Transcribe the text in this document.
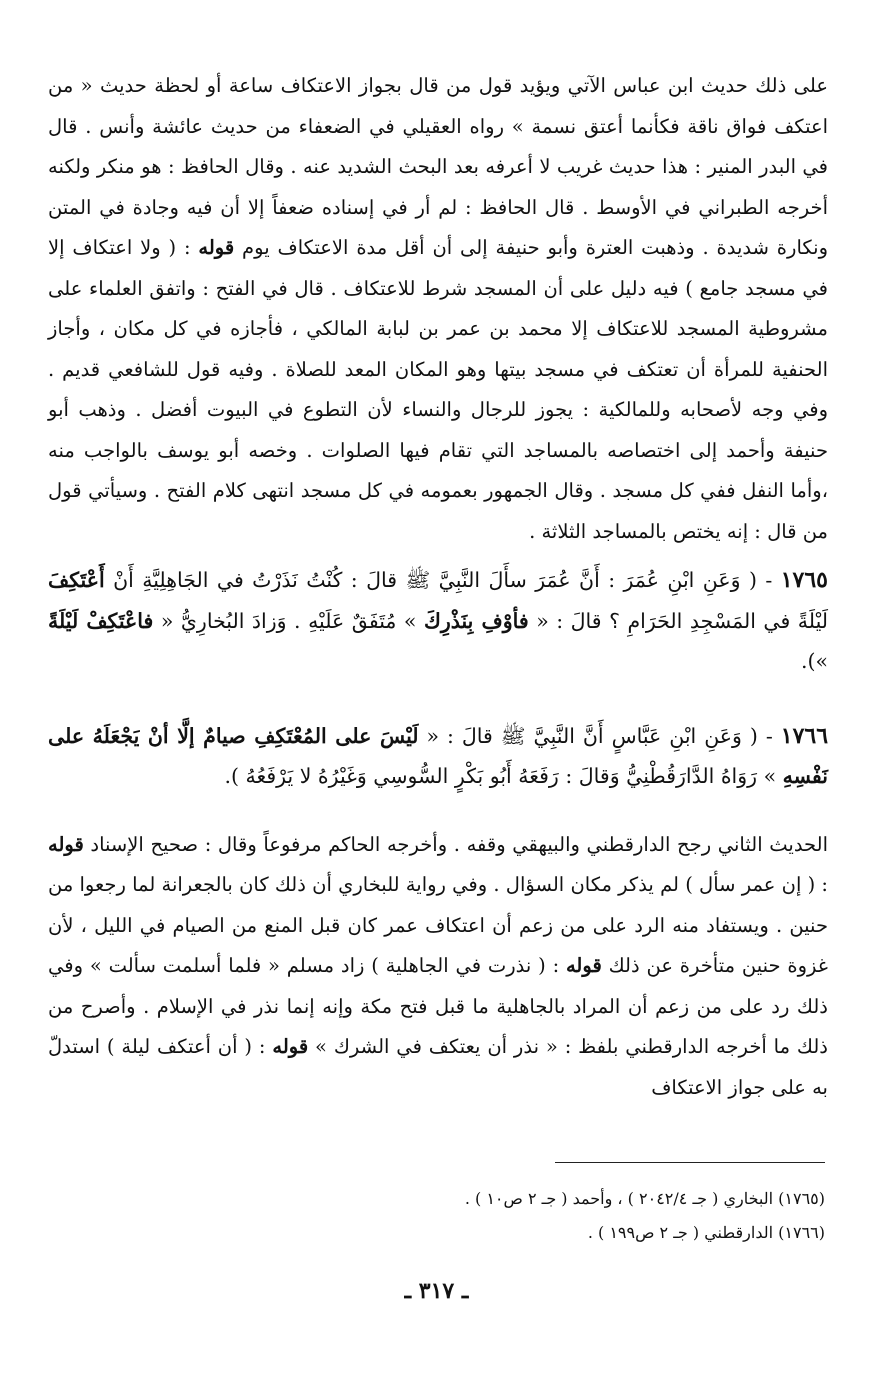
على ذلك حديث ابن عباس الآتي ويؤيد قول من قال بجواز الاعتكاف ساعة أو لحظة حديث « من اعتكف فواق ناقة فكأنما أعتق نسمة » رواه العقيلي في الضعفاء من حديث عائشة وأنس . قال في البدر المنير : هذا حديث غريب لا أعرفه بعد البحث الشديد عنه . وقال الحافظ : هو منكر ولكنه أخرجه الطبراني في الأوسط . قال الحافظ : لم أر في إسناده ضعفاً إلا أن فيه وجادة في المتن ونكارة شديدة . وذهبت العترة وأبو حنيفة إلى أن أقل مدة الاعتكاف يوم قوله : ( ولا اعتكاف إلا في مسجد جامع ) فيه دليل على أن المسجد شرط للاعتكاف . قال في الفتح : واتفق العلماء على مشروطية المسجد للاعتكاف إلا محمد بن عمر بن لبابة المالكي ، فأجازه في كل مكان ، وأجاز الحنفية للمرأة أن تعتكف في مسجد بيتها وهو المكان المعد للصلاة . وفيه قول للشافعي قديم . وفي وجه لأصحابه وللمالكية : يجوز للرجال والنساء لأن التطوع في البيوت أفضل . وذهب أبو حنيفة وأحمد إلى اختصاصه بالمساجد التي تقام فيها الصلوات . وخصه أبو يوسف بالواجب منه ،وأما النفل ففي كل مسجد . وقال الجمهور بعمومه في كل مسجد انتهى كلام الفتح . وسيأتي قول من قال : إنه يختص بالمساجد الثلاثة .

١٧٦٥ - ( وَعَنِ ابْنِ عُمَرَ : أَنَّ عُمَرَ سأَلَ النَّبِيَّ ﷺ قالَ : كُنْتُ نَذَرْتُ في الجَاهِلِيَّةِ أَنْ أَعْتَكِفَ لَيْلَةً في المَسْجِدِ الحَرَامِ ؟ قالَ : « فأوْفِ بِنَذْرِكَ » مُتَفَقٌ عَلَيْهِ . وَزادَ البُخارِيُّ « فاعْتَكِفْ لَيْلَةً »).

١٧٦٦ - ( وَعَنِ ابْنِ عَبَّاسٍ أَنَّ النَّبِيَّ ﷺ قالَ : « لَيْسَ على المُعْتَكِفِ صيامٌ إلَّا أنْ يَجْعَلَهُ على نَفْسِهِ » رَوَاهُ الدَّارَقُطْنِيُّ وَقالَ : رَفَعَهُ أَبُو بَكْرٍ السُّوسِي وَغَيْرُهُ لا يَرْفَعُهُ ).

الحديث الثاني رجح الدارقطني والبيهقي وقفه . وأخرجه الحاكم مرفوعاً وقال : صحيح الإسناد قوله : ( إن عمر سأل ) لم يذكر مكان السؤال . وفي رواية للبخاري أن ذلك كان بالجعرانة لما رجعوا من حنين . ويستفاد منه الرد على من زعم أن اعتكاف عمر كان قبل المنع من الصيام في الليل ، لأن غزوة حنين متأخرة عن ذلك قوله : ( نذرت في الجاهلية ) زاد مسلم « فلما أسلمت سألت » وفي ذلك رد على من زعم أن المراد بالجاهلية ما قبل فتح مكة وإنه إنما نذر في الإسلام . وأصرح من ذلك ما أخرجه الدارقطني بلفظ : « نذر أن يعتكف في الشرك » قوله : ( أن أعتكف ليلة ) استدلّ به على جواز الاعتكاف

(١٧٦٥) البخاري ( جـ ٢٠٤٢/٤ ) ، وأحمد ( جـ ٢ ص١٠ ) .
(١٧٦٦) الدارقطني ( جـ ٢ ص١٩٩ ) .
ـ ٣١٧ ـ
